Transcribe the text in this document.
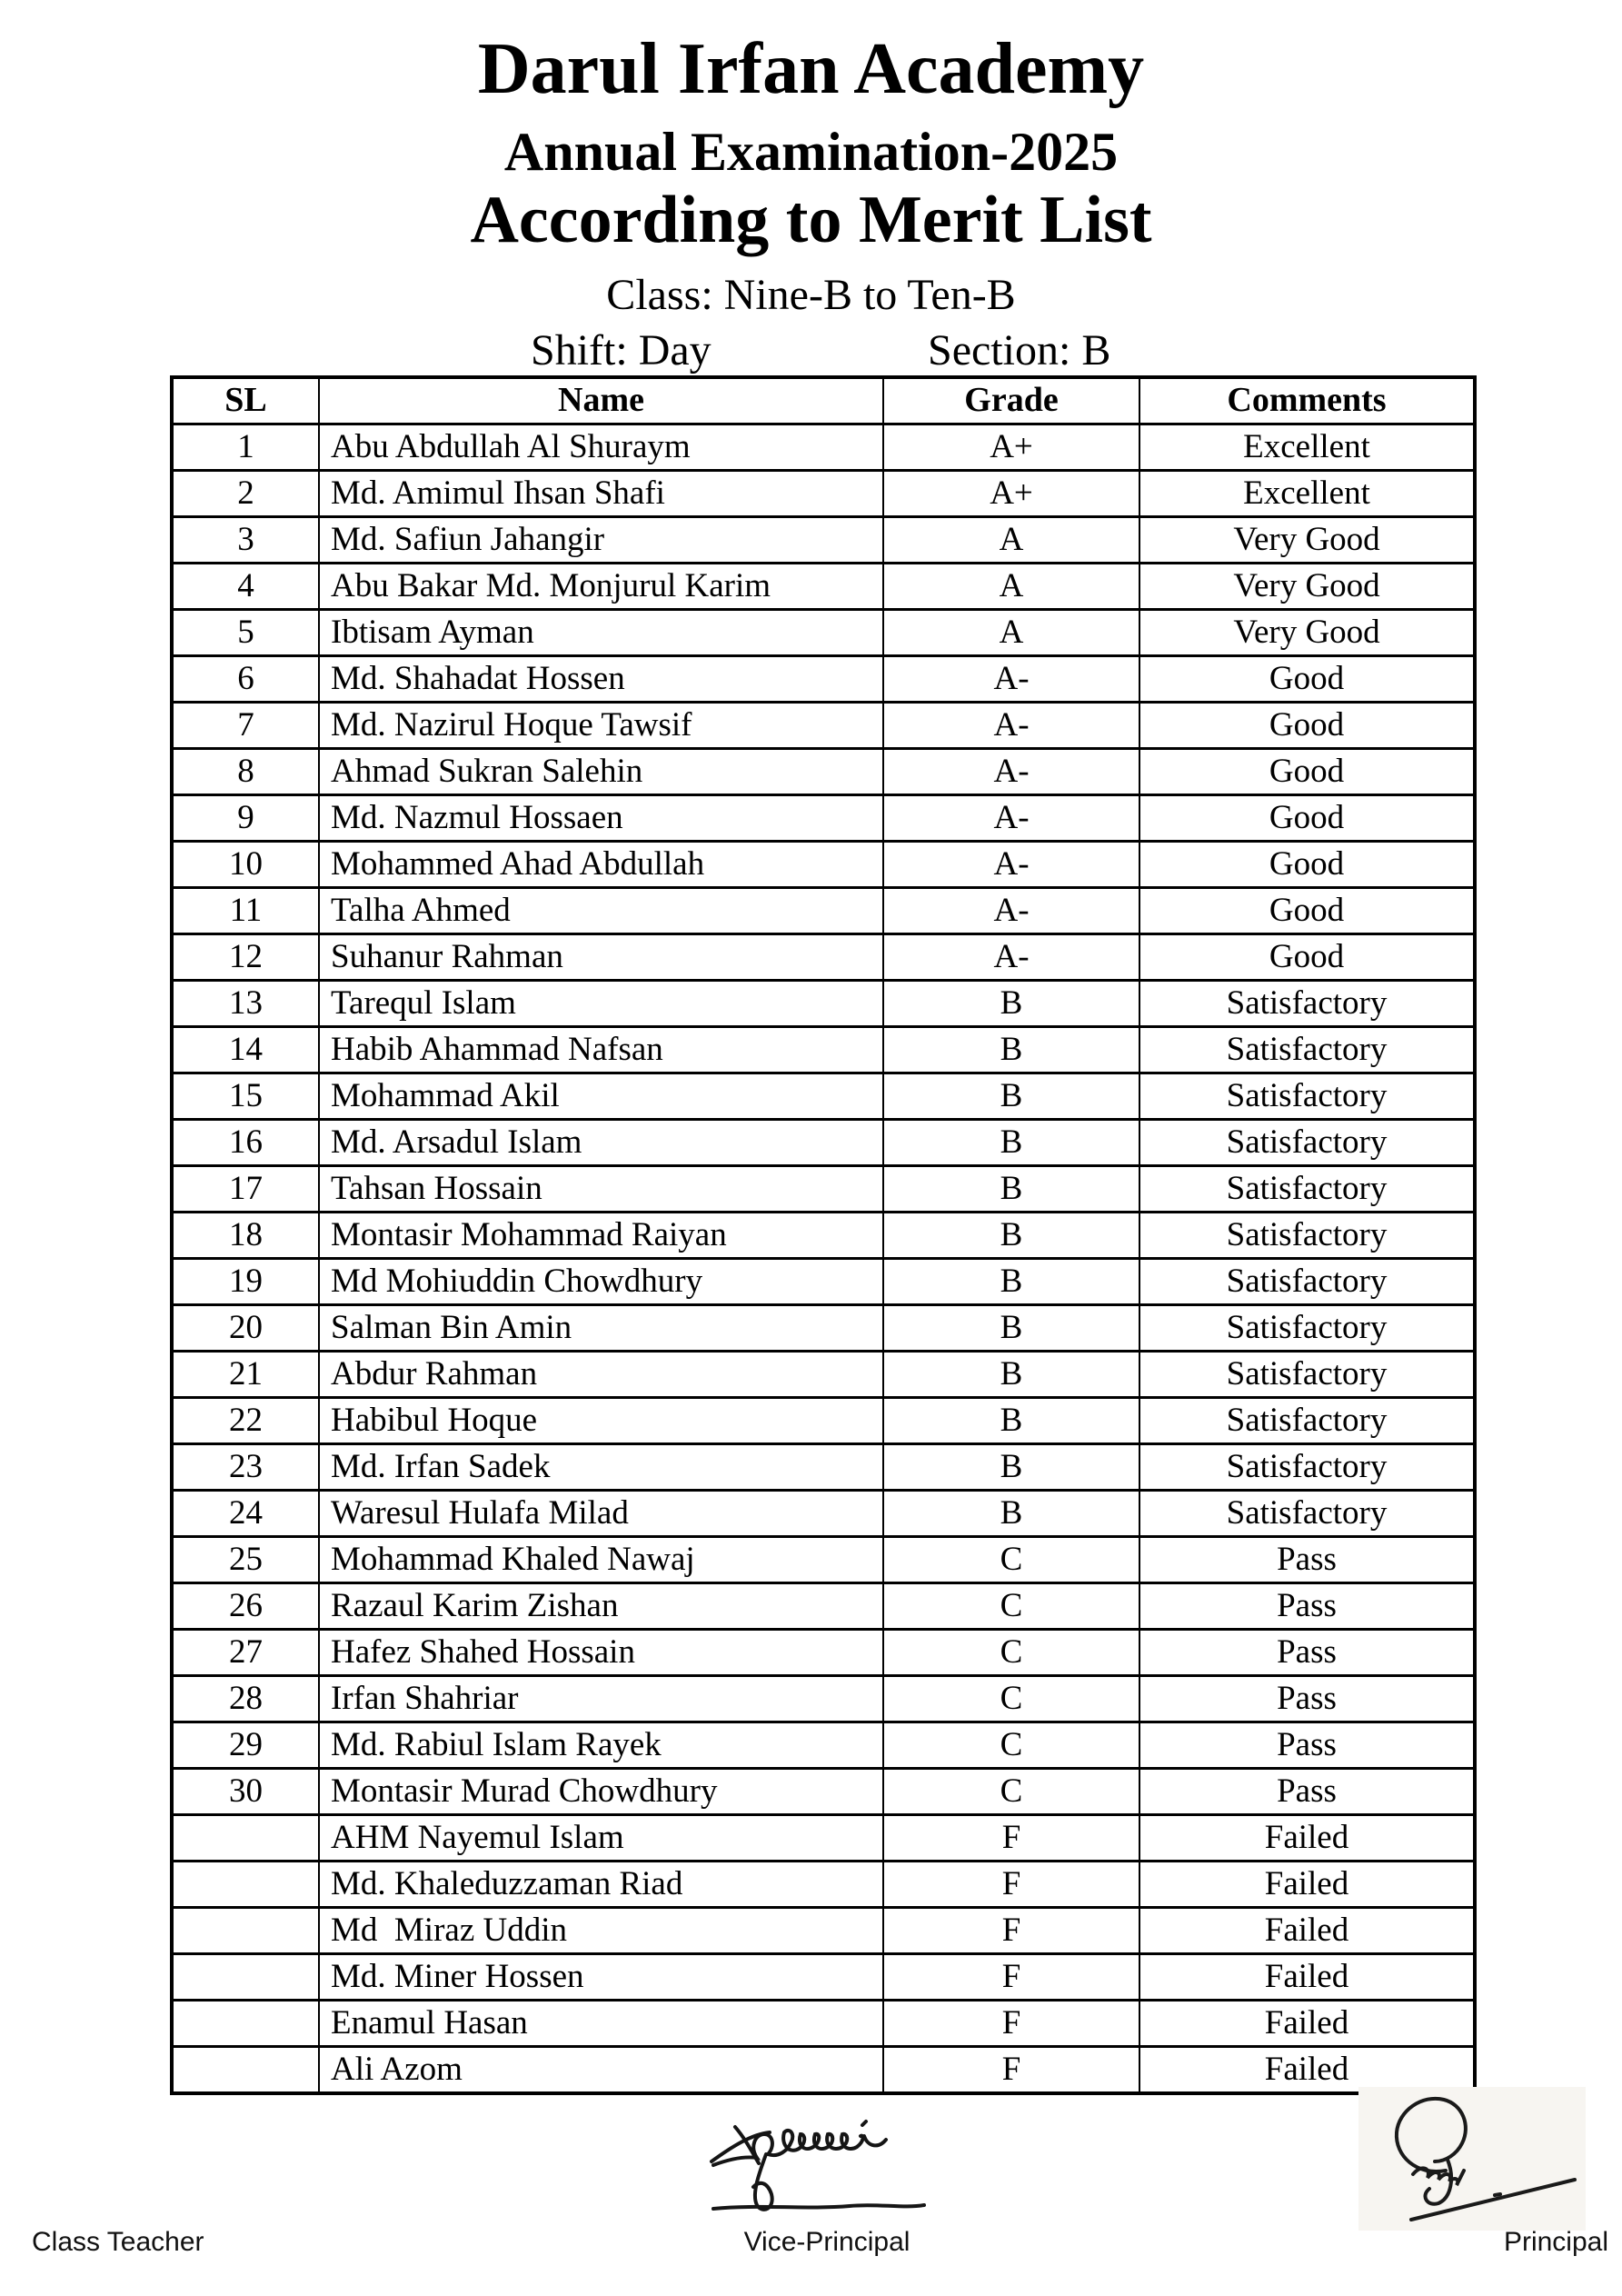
Darul Irfan Academy
Annual Examination-2025
According to Merit List
Class: Nine-B to Ten-B
Shift: Day	Section: B
SL	Name	Grade	Comments
1	Abu Abdullah Al Shuraym	A+	Excellent
2	Md. Amimul Ihsan Shafi	A+	Excellent
3	Md. Safiun Jahangir	A	Very Good
4	Abu Bakar Md. Monjurul Karim	A	Very Good
5	Ibtisam Ayman	A	Very Good
6	Md. Shahadat Hossen	A-	Good
7	Md. Nazirul Hoque Tawsif	A-	Good
8	Ahmad Sukran Salehin	A-	Good
9	Md. Nazmul Hossaen	A-	Good
10	Mohammed Ahad Abdullah	A-	Good
11	Talha Ahmed	A-	Good
12	Suhanur Rahman	A-	Good
13	Tarequl Islam	B	Satisfactory
14	Habib Ahammad Nafsan	B	Satisfactory
15	Mohammad Akil	B	Satisfactory
16	Md. Arsadul Islam	B	Satisfactory
17	Tahsan Hossain	B	Satisfactory
18	Montasir Mohammad Raiyan	B	Satisfactory
19	Md Mohiuddin Chowdhury	B	Satisfactory
20	Salman Bin Amin	B	Satisfactory
21	Abdur Rahman	B	Satisfactory
22	Habibul Hoque	B	Satisfactory
23	Md. Irfan Sadek	B	Satisfactory
24	Waresul Hulafa Milad	B	Satisfactory
25	Mohammad Khaled Nawaj	C	Pass
26	Razaul Karim Zishan	C	Pass
27	Hafez Shahed Hossain	C	Pass
28	Irfan Shahriar	C	Pass
29	Md. Rabiul Islam Rayek	C	Pass
30	Montasir Murad Chowdhury	C	Pass
	AHM Nayemul Islam	F	Failed
	Md. Khaleduzzaman Riad	F	Failed
	Md  Miraz Uddin	F	Failed
	Md. Miner Hossen	F	Failed
	Enamul Hasan	F	Failed
	Ali Azom	F	Failed
Class Teacher	Vice-Principal	Principal
